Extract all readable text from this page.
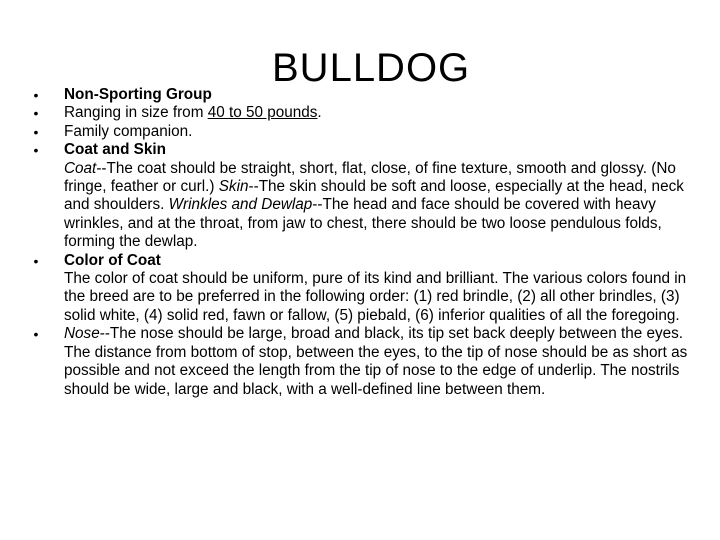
BULLDOG
• Non-Sporting Group
• Ranging in size from 40 to 50 pounds.
• Family companion.
• Coat and Skin
Coat--The coat should be straight, short, flat, close, of fine texture, smooth and glossy. (No fringe, feather or curl.) Skin--The skin should be soft and loose, especially at the head, neck and shoulders. Wrinkles and Dewlap--The head and face should be covered with heavy wrinkles, and at the throat, from jaw to chest, there should be two loose pendulous folds, forming the dewlap.
• Color of Coat
The color of coat should be uniform, pure of its kind and brilliant. The various colors found in the breed are to be preferred in the following order: (1) red brindle, (2) all other brindles, (3) solid white, (4) solid red, fawn or fallow, (5) piebald, (6) inferior qualities of all the foregoing.
• Nose--The nose should be large, broad and black, its tip set back deeply between the eyes. The distance from bottom of stop, between the eyes, to the tip of nose should be as short as possible and not exceed the length from the tip of nose to the edge of underlip. The nostrils should be wide, large and black, with a well-defined line between them.
